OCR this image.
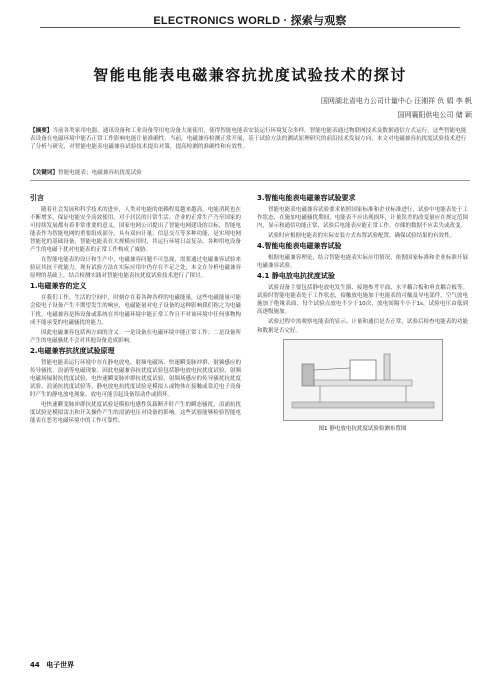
ELECTRONICS WORLD · 探索与观察
智能电能表电磁兼容抗扰度试验技术的探讨
国网湖北省电力公司计量中心 汪湘祥 仇 娟 李 帆
国网襄阳供电公司 储 颖
【摘要】当前各类家用电器、通讯设备和工业设备等用电设备大量使用，使得智能电能表安装运行环境复杂多样。智能电能表通过物联网技术及数据通信方式运行，这些智能电能表设备在电磁环境中能否正常工作影响电能计量准确性。当前，电磁兼容检测正常开展，基于试验方法的测试原理研究的前沿技术发展方向，本文对电磁兼容抗扰度试验技术进行了分析与研究，对智能电能表电磁兼容试验技术提出对策，提高检测的准确性和有效性。
【关键词】智能电能表；电磁兼容抗扰度试验
引言

随着社会发展和科学技术的进步，人类对电能的依赖程度越来越高。电能消耗也在不断增多，保证电能安全高效使用，对于居民的日常生活、企业的正常生产乃至国家的可持续发展都有着非常重要的意义。国家电网公司提出了智能电网建设的目标，智能电能表作为智能电网的重要组成部分，具有双向计量、信息交互等多种功能，是实现电网智能化的基础设备。智能电能表在大规模应用时，其运行环境日益复杂，各种用电设备产生的电磁干扰对电能表的正常工作构成了威胁。

在智能电能表的设计和生产中，电磁兼容问题不可忽视，需要通过电磁兼容试验来验证其抗干扰能力。现有试验方法在实际应用中仍存在不足之处，本文在分析电磁兼容原理的基础上，结合检测实践对智能电能表抗扰度试验技术进行了探讨。

1.电磁兼容的定义

在我们工作、生活的空间中，时刻存在着各种各样的电磁能量，这些电磁能量可能会使电子设备产生不期望发生的响应，电磁能量对电子设备的这种影响我们称之为电磁干扰。电磁兼容是指设备或系统在其电磁环境中能正常工作且不对该环境中任何事物构成不能承受的电磁骚扰的能力。

因此电磁兼容包括两方面的含义：一是设备在电磁环境中能正常工作；二是设备所产生的电磁骚扰不会对其他设备造成影响。

2.电磁兼容抗扰度试验原理

智能电能表运行环境中存在静电放电、射频电磁场、快速瞬变脉冲群、射频感应的传导骚扰、浪涌等电磁现象。因此电磁兼容抗扰度试验包括静电放电抗扰度试验、射频电磁场辐射抗扰度试验、电快速瞬变脉冲群抗扰度试验、射频场感应的传导骚扰抗扰度试验、浪涌抗扰度试验等。静电放电抗扰度试验是模拟人或物体在接触或靠近电子设备时产生的静电放电现象，放电可能引起设备误动作或损坏。

电快速瞬变脉冲群抗扰度试验是模拟电感性负载断开时产生的瞬态骚扰，浪涌抗扰度试验是模拟雷击和开关操作产生的浪涌电压对设备的影响。这些试验能够检验智能电能表在恶劣电磁环境中的工作可靠性。

3.智能电能表电磁兼容试验要求

智能电能表电磁兼容试验要求依照国家标准和企业标准进行，试验中电能表处于工作状态，在施加电磁骚扰期间，电能表不应出现损坏，计量误差的改变量应在规定范围内，显示和通信功能正常，试验后电能表应能正常工作，存储的数据不应丢失或改变。

试验时应根据电能表的实际安装方式布置试验配置，确保试验结果的有效性。

4.智能电能表电磁兼容试验

根据电磁兼容理论，结合智能电能表实际应用情况，依据国家标准和企业标准开展电磁兼容试验。

4.1 静电放电抗扰度试验

试验设备主要包括静电放电发生器、接地参考平面、水平耦合板和垂直耦合板等。试验时智能电能表处于工作状态，接触放电施加于电能表的可触及导电部件，空气放电施加于绝缘表面，每个试验点放电不少于10次，放电间隔不小于1s，试验电压由低到高逐级施加。

试验过程中需观察电能表的显示、计量和通信是否正常，试验后检查电能表的功能和数据是否完好。

图1 静电放电抗扰度试验检测布置图
44 电子世界
